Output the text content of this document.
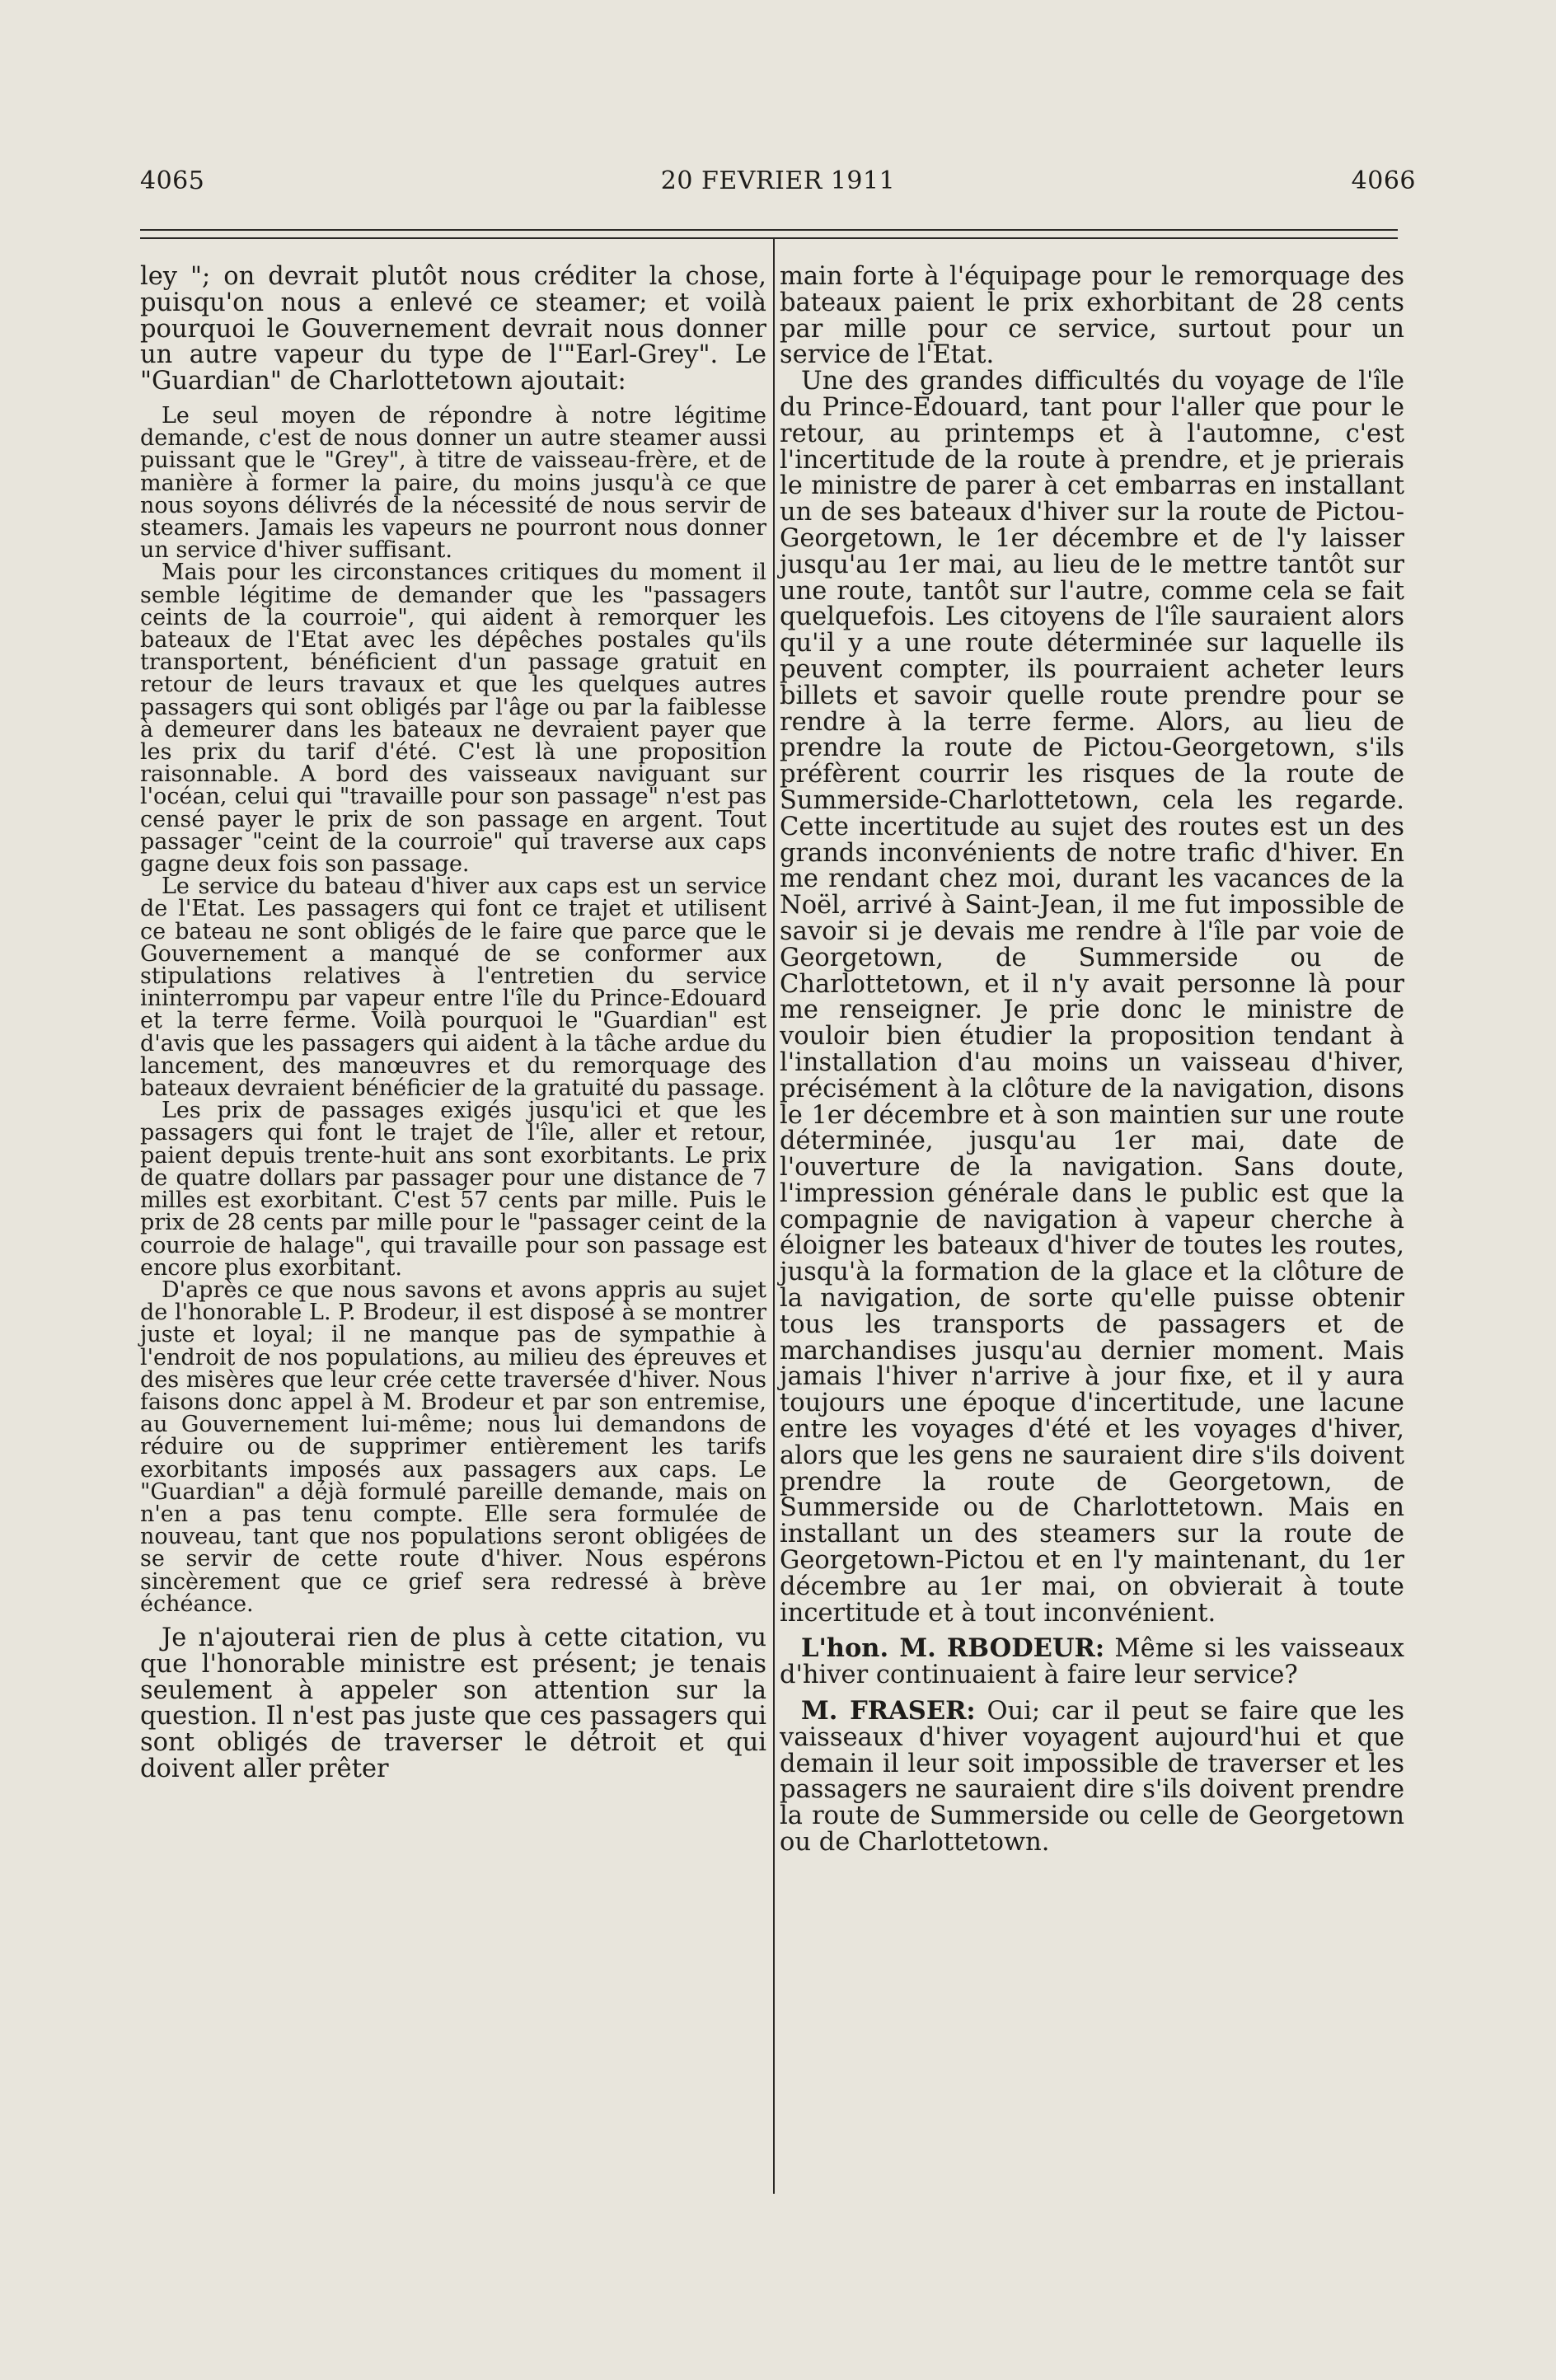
4065	20 FEVRIER 1911	4066

ley "; on devrait plutôt nous créditer la chose, puisqu'on nous a enlevé ce steamer; et voilà pourquoi le Gouvernement devrait nous donner un autre vapeur du type de l'"Earl-Grey". Le "Guardian" de Charlottetown ajoutait:

Le seul moyen de répondre à notre légitime demande, c'est de nous donner un autre steamer aussi puissant que le "Grey", à titre de vaisseau-frère, et de manière à former la paire, du moins jusqu'à ce que nous soyons délivrés de la nécessité de nous servir de steamers. Jamais les vapeurs ne pourront nous donner un service d'hiver suffisant.

Mais pour les circonstances critiques du moment il semble légitime de demander que les "passagers ceints de la courroie", qui aident à remorquer les bateaux de l'Etat avec les dépêches postales qu'ils transportent, bénéficient d'un passage gratuit en retour de leurs travaux et que les quelques autres passagers qui sont obligés par l'âge ou par la faiblesse à demeurer dans les bateaux ne devraient payer que les prix du tarif d'été. C'est là une proposition raisonnable. A bord des vaisseaux naviguant sur l'océan, celui qui "travaille pour son passage" n'est pas censé payer le prix de son passage en argent. Tout passager "ceint de la courroie" qui traverse aux caps gagne deux fois son passage.

Le service du bateau d'hiver aux caps est un service de l'Etat. Les passagers qui font ce trajet et utilisent ce bateau ne sont obligés de le faire que parce que le Gouvernement a manqué de se conformer aux stipulations relatives à l'entretien du service ininterrompu par vapeur entre l'île du Prince-Edouard et la terre ferme. Voilà pourquoi le "Guardian" est d'avis que les passagers qui aident à la tâche ardue du lancement, des manœuvres et du remorquage des bateaux devraient bénéficier de la gratuité du passage.

Les prix de passages exigés jusqu'ici et que les passagers qui font le trajet de l'île, aller et retour, paient depuis trente-huit ans sont exorbitants. Le prix de quatre dollars par passager pour une distance de 7 milles est exorbitant. C'est 57 cents par mille. Puis le prix de 28 cents par mille pour le "passager ceint de la courroie de halage", qui travaille pour son passage est encore plus exorbitant.

D'après ce que nous savons et avons appris au sujet de l'honorable L. P. Brodeur, il est disposé à se montrer juste et loyal; il ne manque pas de sympathie à l'endroit de nos populations, au milieu des épreuves et des misères que leur crée cette traversée d'hiver. Nous faisons donc appel à M. Brodeur et par son entremise, au Gouvernement lui-même; nous lui demandons de réduire ou de supprimer entièrement les tarifs exorbitants imposés aux passagers aux caps. Le "Guardian" a déjà formulé pareille demande, mais on n'en a pas tenu compte. Elle sera formulée de nouveau, tant que nos populations seront obligées de se servir de cette route d'hiver. Nous espérons sincèrement que ce grief sera redressé à brève échéance.

Je n'ajouterai rien de plus à cette citation, vu que l'honorable ministre est présent; je tenais seulement à appeler son attention sur la question. Il n'est pas juste que ces passagers qui sont obligés de traverser le détroit et qui doivent aller prêter

main forte à l'équipage pour le remorquage des bateaux paient le prix exhorbitant de 28 cents par mille pour ce service, surtout pour un service de l'Etat.

Une des grandes difficultés du voyage de l'île du Prince-Edouard, tant pour l'aller que pour le retour, au printemps et à l'automne, c'est l'incertitude de la route à prendre, et je prierais le ministre de parer à cet embarras en installant un de ses bateaux d'hiver sur la route de Pictou-Georgetown, le 1er décembre et de l'y laisser jusqu'au 1er mai, au lieu de le mettre tantôt sur une route, tantôt sur l'autre, comme cela se fait quelquefois. Les citoyens de l'île sauraient alors qu'il y a une route déterminée sur laquelle ils peuvent compter, ils pourraient acheter leurs billets et savoir quelle route prendre pour se rendre à la terre ferme. Alors, au lieu de prendre la route de Pictou-Georgetown, s'ils préfèrent courrir les risques de la route de Summerside-Charlottetown, cela les regarde. Cette incertitude au sujet des routes est un des grands inconvénients de notre trafic d'hiver. En me rendant chez moi, durant les vacances de la Noël, arrivé à Saint-Jean, il me fut impossible de savoir si je devais me rendre à l'île par voie de Georgetown, de Summerside ou de Charlottetown, et il n'y avait personne là pour me renseigner. Je prie donc le ministre de vouloir bien étudier la proposition tendant à l'installation d'au moins un vaisseau d'hiver, précisément à la clôture de la navigation, disons le 1er décembre et à son maintien sur une route déterminée, jusqu'au 1er mai, date de l'ouverture de la navigation. Sans doute, l'impression générale dans le public est que la compagnie de navigation à vapeur cherche à éloigner les bateaux d'hiver de toutes les routes, jusqu'à la formation de la glace et la clôture de la navigation, de sorte qu'elle puisse obtenir tous les transports de passagers et de marchandises jusqu'au dernier moment. Mais jamais l'hiver n'arrive à jour fixe, et il y aura toujours une époque d'incertitude, une lacune entre les voyages d'été et les voyages d'hiver, alors que les gens ne sauraient dire s'ils doivent prendre la route de Georgetown, de Summerside ou de Charlottetown. Mais en installant un des steamers sur la route de Georgetown-Pictou et en l'y maintenant, du 1er décembre au 1er mai, on obvierait à toute incertitude et à tout inconvénient.

L'hon. M. RBODEUR: Même si les vaisseaux d'hiver continuaient à faire leur service?

M. FRASER: Oui; car il peut se faire que les vaisseaux d'hiver voyagent aujourd'hui et que demain il leur soit impossible de traverser et les passagers ne sauraient dire s'ils doivent prendre la route de Summerside ou celle de Georgetown ou de Charlottetown.
